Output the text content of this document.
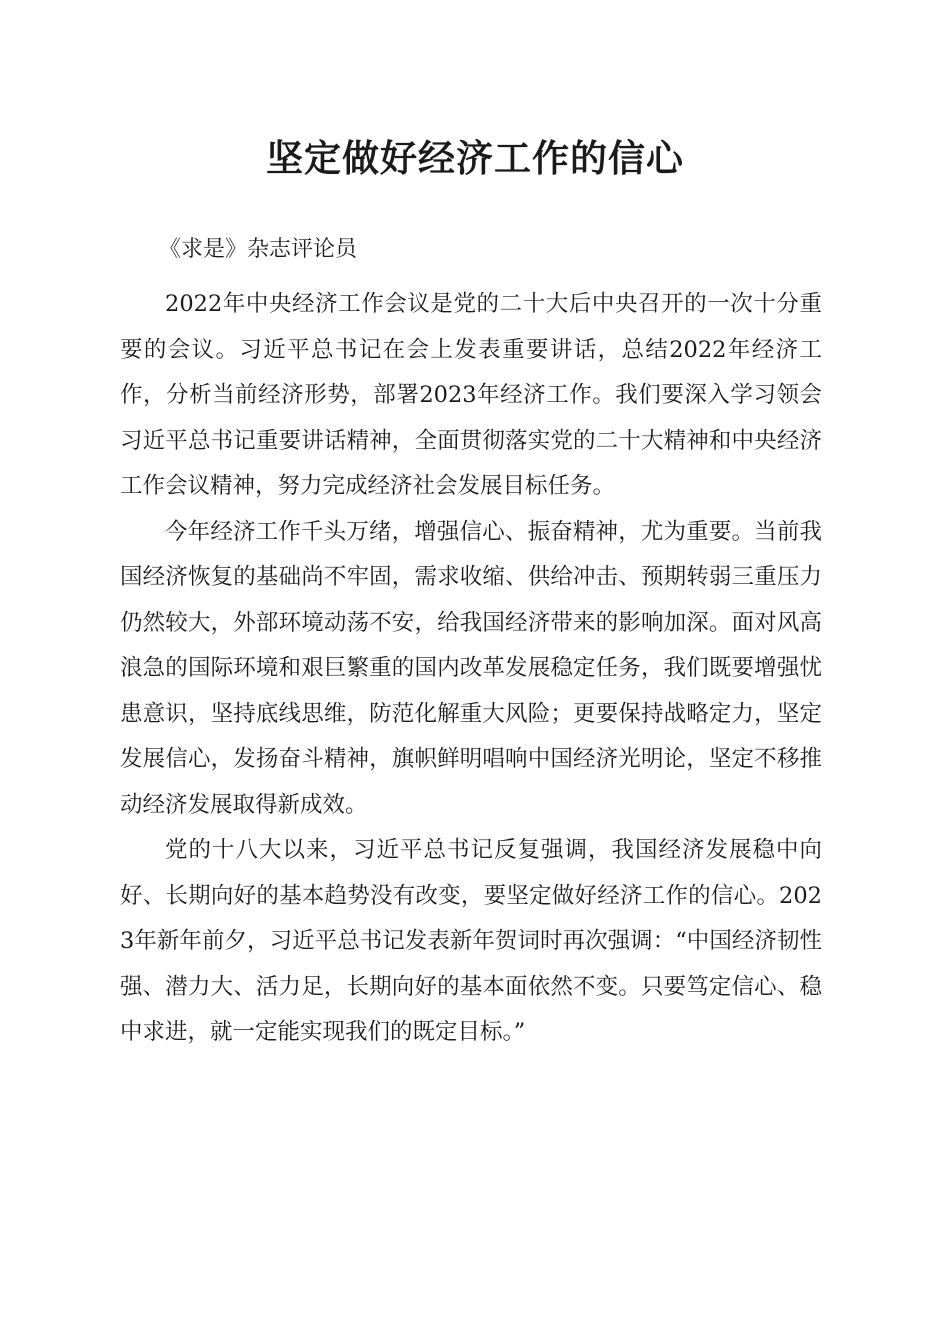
坚定做好经济工作的信心

《求是》杂志评论员

2022年中央经济工作会议是党的二十大后中央召开的一次十分重要的会议。习近平总书记在会上发表重要讲话，总结2022年经济工作，分析当前经济形势，部署2023年经济工作。我们要深入学习领会习近平总书记重要讲话精神，全面贯彻落实党的二十大精神和中央经济工作会议精神，努力完成经济社会发展目标任务。

今年经济工作千头万绪，增强信心、振奋精神，尤为重要。当前我国经济恢复的基础尚不牢固，需求收缩、供给冲击、预期转弱三重压力仍然较大，外部环境动荡不安，给我国经济带来的影响加深。面对风高浪急的国际环境和艰巨繁重的国内改革发展稳定任务，我们既要增强忧患意识，坚持底线思维，防范化解重大风险；更要保持战略定力，坚定发展信心，发扬奋斗精神，旗帜鲜明唱响中国经济光明论，坚定不移推动经济发展取得新成效。

党的十八大以来，习近平总书记反复强调，我国经济发展稳中向好、长期向好的基本趋势没有改变，要坚定做好经济工作的信心。2023年新年前夕，习近平总书记发表新年贺词时再次强调：“中国经济韧性强、潜力大、活力足，长期向好的基本面依然不变。只要笃定信心、稳中求进，就一定能实现我们的既定目标。”
